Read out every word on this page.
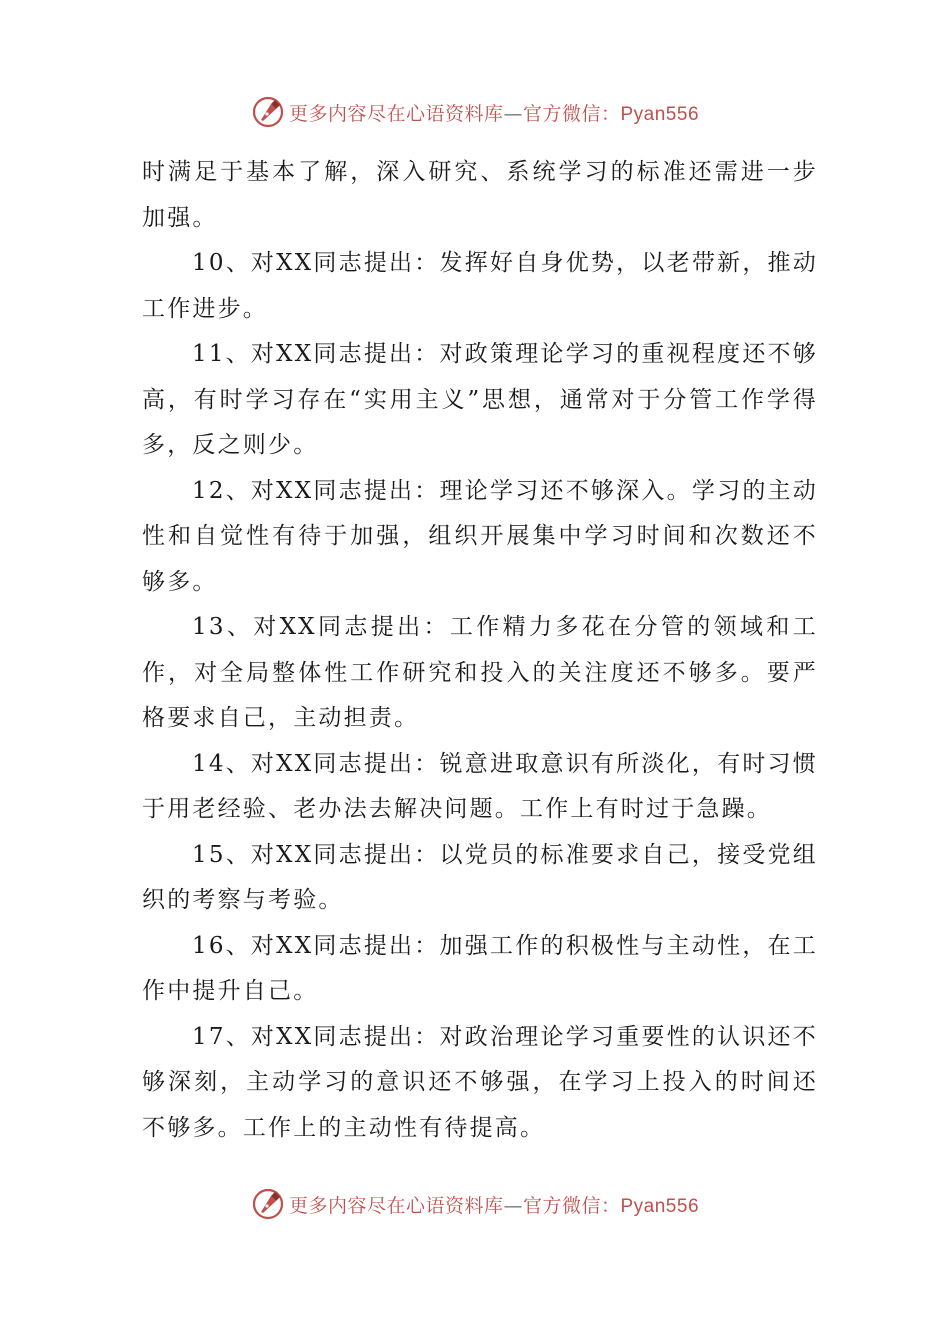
更多内容尽在心语资料库—官方微信：Pyan556

时满足于基本了解，深入研究、系统学习的标准还需进一步加强。

10、对XX同志提出：发挥好自身优势，以老带新，推动工作进步。

11、对XX同志提出：对政策理论学习的重视程度还不够高，有时学习存在“实用主义”思想，通常对于分管工作学得多，反之则少。

12、对XX同志提出：理论学习还不够深入。学习的主动性和自觉性有待于加强，组织开展集中学习时间和次数还不够多。

13、对XX同志提出：工作精力多花在分管的领域和工作，对全局整体性工作研究和投入的关注度还不够多。要严格要求自己，主动担责。

14、对XX同志提出：锐意进取意识有所淡化，有时习惯于用老经验、老办法去解决问题。工作上有时过于急躁。

15、对XX同志提出：以党员的标准要求自己，接受党组织的考察与考验。

16、对XX同志提出：加强工作的积极性与主动性，在工作中提升自己。

17、对XX同志提出：对政治理论学习重要性的认识还不够深刻，主动学习的意识还不够强，在学习上投入的时间还不够多。工作上的主动性有待提高。

更多内容尽在心语资料库—官方微信：Pyan556
